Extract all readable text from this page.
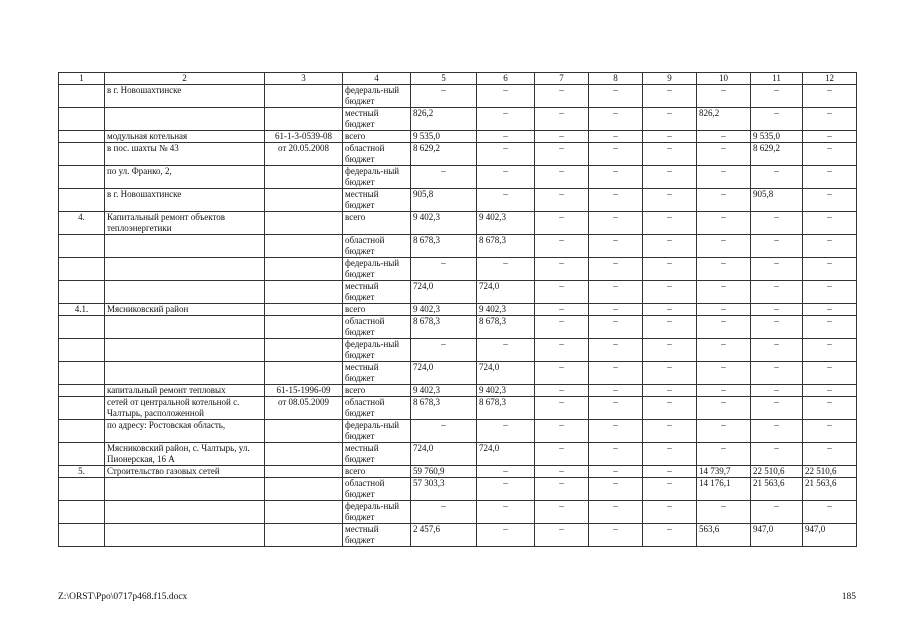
1	2	3	4	5	6	7	8	9	10	11	12
	в г. Новошахтинске		федераль-ный бюджет	–	–	–	–	–	–	–	–
			местный бюджет	826,2	–	–	–	–	826,2	–	–
	модульная котельная	61-1-3-0539-08	всего	9 535,0	–	–	–	–	–	9 535,0	–
	в пос. шахты № 43	от 20.05.2008	областной бюджет	8 629,2	–	–	–	–	–	8 629,2	–
	по ул. Франко, 2,		федераль-ный бюджет	–	–	–	–	–	–	–	–
	в г. Новошахтинске		местный бюджет	905,8	–	–	–	–	–	905,8	–
4.	Капитальный ремонт объектов теплоэнергетики		всего	9 402,3	9 402,3	–	–	–	–	–	–
			областной бюджет	8 678,3	8 678,3	–	–	–	–	–	–
			федераль-ный бюджет	–	–	–	–	–	–	–	–
			местный бюджет	724,0	724,0	–	–	–	–	–	–
4.1.	Мясниковский район		всего	9 402,3	9 402,3	–	–	–	–	–	–
			областной бюджет	8 678,3	8 678,3	–	–	–	–	–	–
			федераль-ный бюджет	–	–	–	–	–	–	–	–
			местный бюджет	724,0	724,0	–	–	–	–	–	–
	капитальный ремонт тепловых	61-15-1996-09	всего	9 402,3	9 402,3	–	–	–	–	–	–
	сетей от центральной котельной с. Чалтырь, расположенной	от 08.05.2009	областной бюджет	8 678,3	8 678,3	–	–	–	–	–	–
	по адресу: Ростовская область,		федераль-ный бюджет	–	–	–	–	–	–	–	–
	Мясниковский район, с. Чалтырь, ул. Пионерская, 16 А		местный бюджет	724,0	724,0	–	–	–	–	–	–
5.	Строительство газовых сетей		всего	59 760,9	–	–	–	–	14 739,7	22 510,6	22 510,6
			областной бюджет	57 303,3	–	–	–	–	14 176,1	21 563,6	21 563,6
			федераль-ный бюджет	–	–	–	–	–	–	–	–
			местный бюджет	2 457,6	–	–	–	–	563,6	947,0	947,0
Z:\ORST\Ppo\0717p468.f15.docx	185
